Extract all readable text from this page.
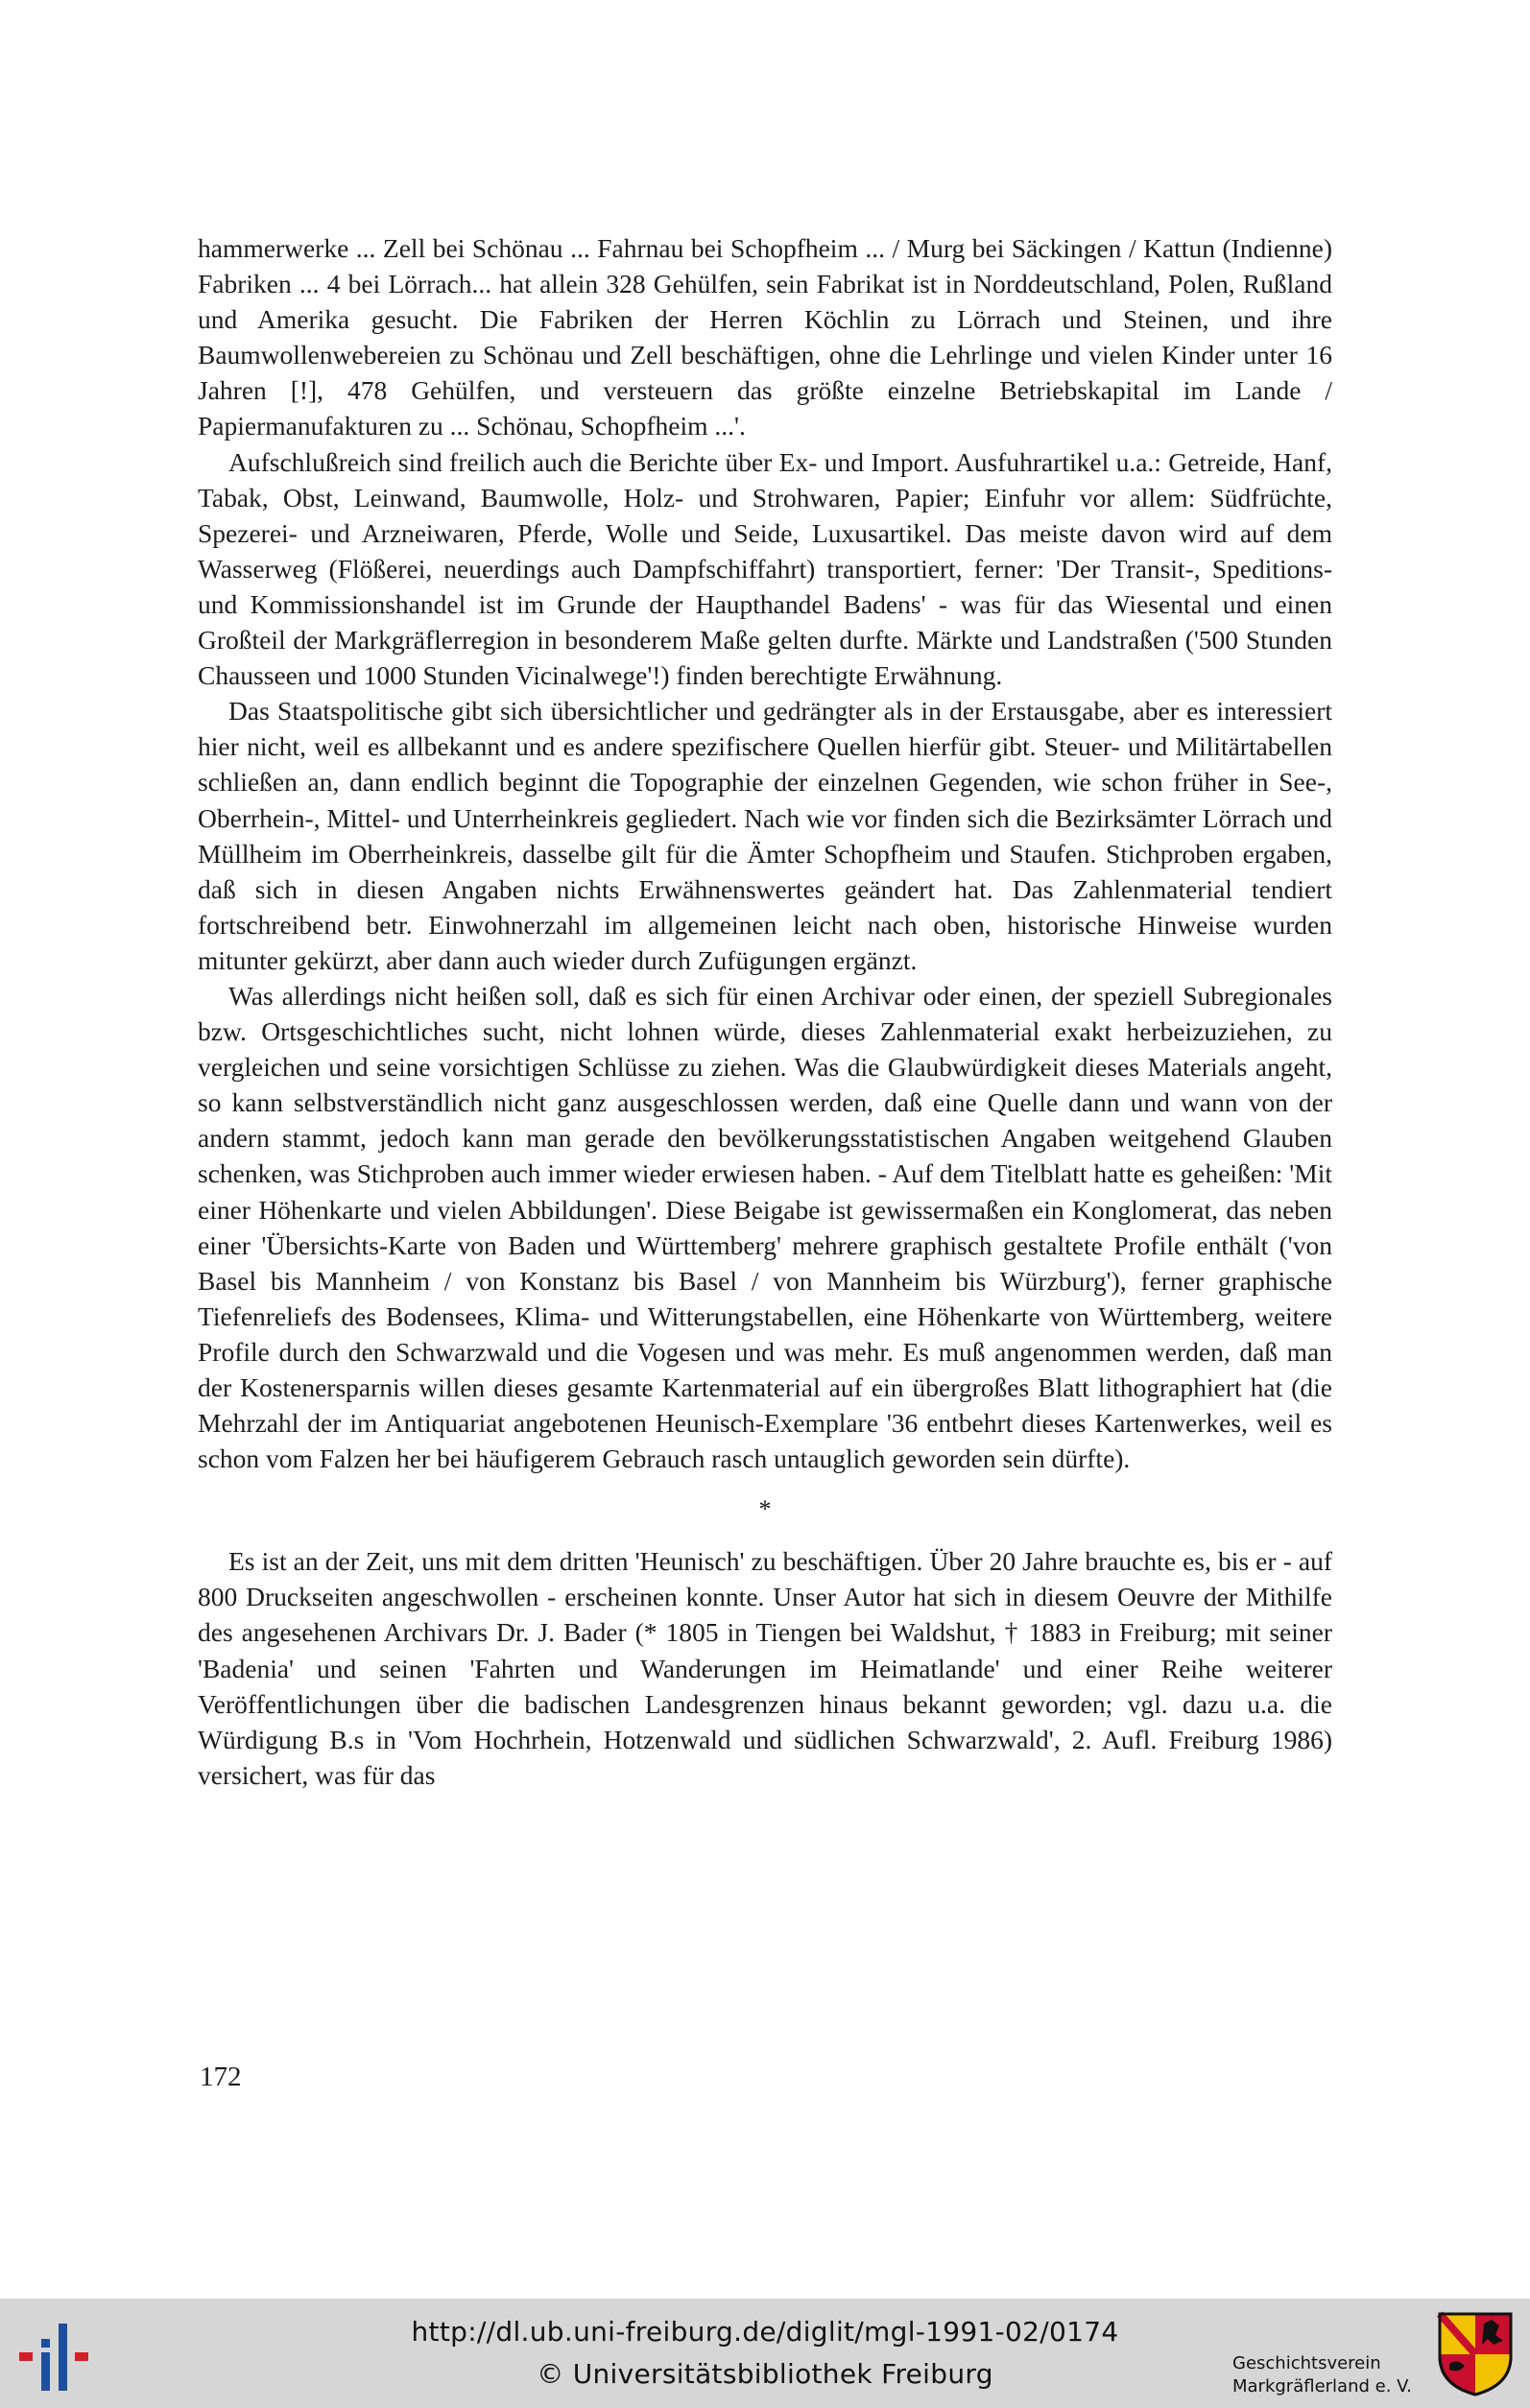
hammerwerke ... Zell bei Schönau ... Fahrnau bei Schopfheim ... / Murg bei Säckingen / Kattun (Indienne) Fabriken ... 4 bei Lörrach... hat allein 328 Gehülfen, sein Fabrikat ist in Norddeutschland, Polen, Rußland und Amerika gesucht. Die Fabriken der Herren Köchlin zu Lörrach und Steinen, und ihre Baumwollenwebereien zu Schönau und Zell beschäftigen, ohne die Lehrlinge und vielen Kinder unter 16 Jahren [!], 478 Gehülfen, und versteuern das größte einzelne Betriebskapital im Lande / Papiermanufakturen zu ... Schönau, Schopfheim ...'.

Aufschlußreich sind freilich auch die Berichte über Ex- und Import. Ausfuhrartikel u.a.: Getreide, Hanf, Tabak, Obst, Leinwand, Baumwolle, Holz- und Strohwaren, Papier; Einfuhr vor allem: Südfrüchte, Spezerei- und Arzneiwaren, Pferde, Wolle und Seide, Luxusartikel. Das meiste davon wird auf dem Wasserweg (Flößerei, neuerdings auch Dampfschiffahrt) transportiert, ferner: 'Der Transit-, Speditions- und Kommissionshandel ist im Grunde der Haupthandel Badens' - was für das Wiesental und einen Großteil der Markgräflerregion in besonderem Maße gelten durfte. Märkte und Landstraßen ('500 Stunden Chausseen und 1000 Stunden Vicinalwege'!) finden berechtigte Erwähnung.

Das Staatspolitische gibt sich übersichtlicher und gedrängter als in der Erstausgabe, aber es interessiert hier nicht, weil es allbekannt und es andere spezifischere Quellen hierfür gibt. Steuer- und Militärtabellen schließen an, dann endlich beginnt die Topographie der einzelnen Gegenden, wie schon früher in See-, Oberrhein-, Mittel- und Unterrheinkreis gegliedert. Nach wie vor finden sich die Bezirksämter Lörrach und Müllheim im Oberrheinkreis, dasselbe gilt für die Ämter Schopfheim und Staufen. Stichproben ergaben, daß sich in diesen Angaben nichts Erwähnenswertes geändert hat. Das Zahlenmaterial tendiert fortschreibend betr. Einwohnerzahl im allgemeinen leicht nach oben, historische Hinweise wurden mitunter gekürzt, aber dann auch wieder durch Zufügungen ergänzt.

Was allerdings nicht heißen soll, daß es sich für einen Archivar oder einen, der speziell Subregionales bzw. Ortsgeschichtliches sucht, nicht lohnen würde, dieses Zahlenmaterial exakt herbeizuziehen, zu vergleichen und seine vorsichtigen Schlüsse zu ziehen. Was die Glaubwürdigkeit dieses Materials angeht, so kann selbstverständlich nicht ganz ausgeschlossen werden, daß eine Quelle dann und wann von der andern stammt, jedoch kann man gerade den bevölkerungsstatistischen Angaben weitgehend Glauben schenken, was Stichproben auch immer wieder erwiesen haben. - Auf dem Titelblatt hatte es geheißen: 'Mit einer Höhenkarte und vielen Abbildungen'. Diese Beigabe ist gewissermaßen ein Konglomerat, das neben einer 'Übersichts-Karte von Baden und Württemberg' mehrere graphisch gestaltete Profile enthält ('von Basel bis Mannheim / von Konstanz bis Basel / von Mannheim bis Würzburg'), ferner graphische Tiefenreliefs des Bodensees, Klima- und Witterungstabellen, eine Höhenkarte von Württemberg, weitere Profile durch den Schwarzwald und die Vogesen und was mehr. Es muß angenommen werden, daß man der Kostenersparnis willen dieses gesamte Kartenmaterial auf ein übergroßes Blatt lithographiert hat (die Mehrzahl der im Antiquariat angebotenen Heunisch-Exemplare '36 entbehrt dieses Kartenwerkes, weil es schon vom Falzen her bei häufigerem Gebrauch rasch untauglich geworden sein dürfte).

*

Es ist an der Zeit, uns mit dem dritten 'Heunisch' zu beschäftigen. Über 20 Jahre brauchte es, bis er - auf 800 Druckseiten angeschwollen - erscheinen konnte. Unser Autor hat sich in diesem Oeuvre der Mithilfe des angesehenen Archivars Dr. J. Bader (* 1805 in Tiengen bei Waldshut, † 1883 in Freiburg; mit seiner 'Badenia' und seinen 'Fahrten und Wanderungen im Heimatlande' und einer Reihe weiterer Veröffentlichungen über die badischen Landesgrenzen hinaus bekannt geworden; vgl. dazu u.a. die Würdigung B.s in 'Vom Hochrhein, Hotzenwald und südlichen Schwarzwald', 2. Aufl. Freiburg 1986) versichert, was für das

172
http://dl.ub.uni-freiburg.de/diglit/mgl-1991-02/0174
© Universitätsbibliothek Freiburg	Geschichtsverein
Markgräflerland e. V.
